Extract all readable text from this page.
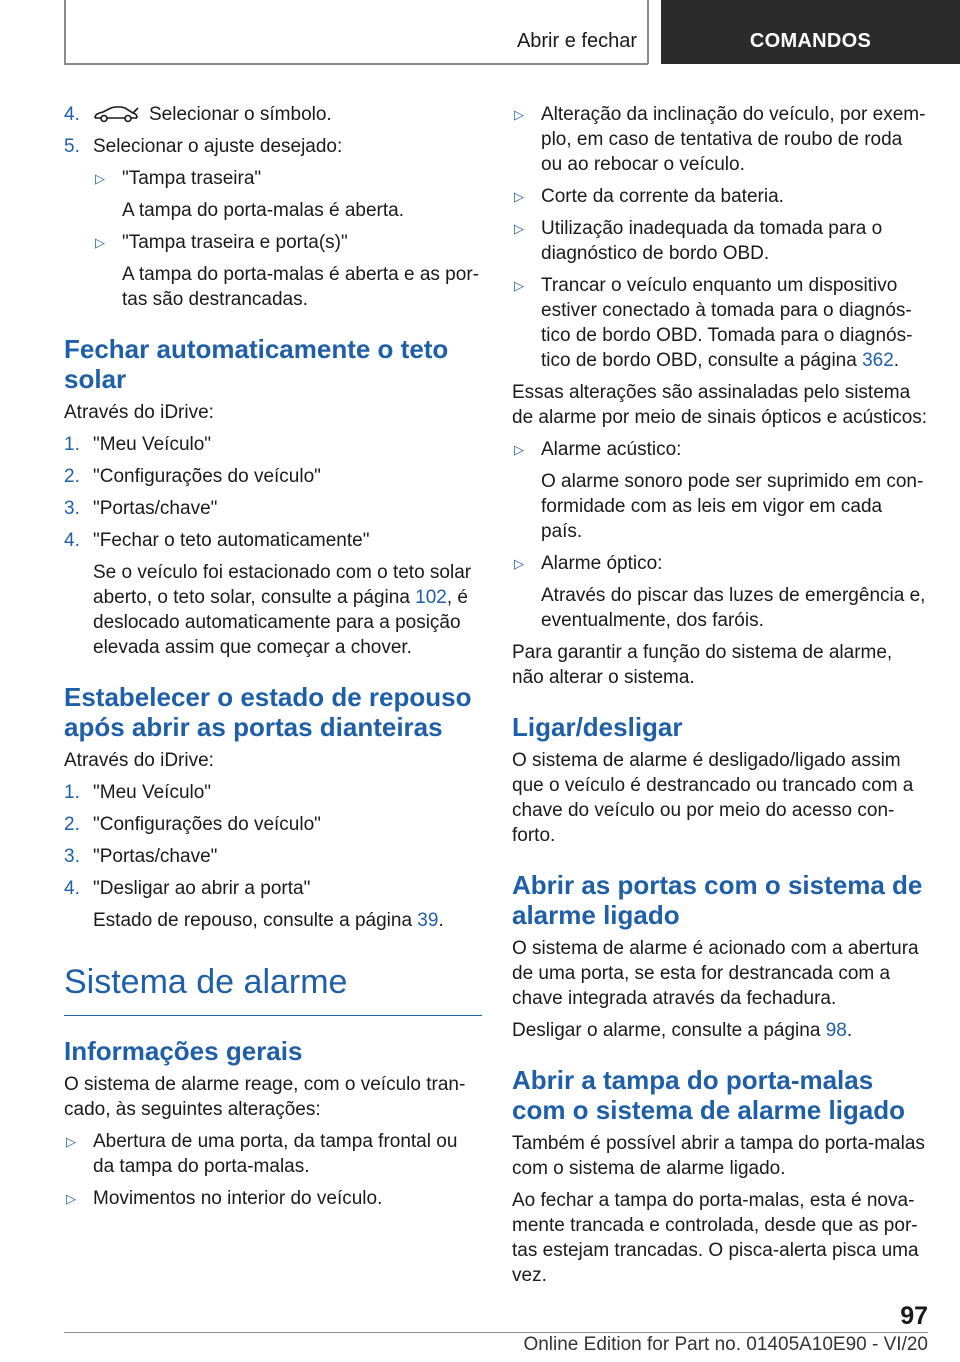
Abrir e fechar	COMANDOS
4.	Selecionar o símbolo.
5. Selecionar o ajuste desejado:
▷ "Tampa traseira"
A tampa do porta-malas é aberta.
▷ "Tampa traseira e porta(s)"
A tampa do porta-malas é aberta e as portas são destrancadas.
Fechar automaticamente o teto solar
Através do iDrive:
1. "Meu Veículo"
2. "Configurações do veículo"
3. "Portas/chave"
4. "Fechar o teto automaticamente"
Se o veículo foi estacionado com o teto solar aberto, o teto solar, consulte a página 102, é deslocado automaticamente para a posição elevada assim que começar a chover.
Estabelecer o estado de repouso após abrir as portas dianteiras
Através do iDrive:
1. "Meu Veículo"
2. "Configurações do veículo"
3. "Portas/chave"
4. "Desligar ao abrir a porta"
Estado de repouso, consulte a página 39.
Sistema de alarme
Informações gerais
O sistema de alarme reage, com o veículo trancado, às seguintes alterações:
▷ Abertura de uma porta, da tampa frontal ou da tampa do porta-malas.
▷ Movimentos no interior do veículo.
▷ Alteração da inclinação do veículo, por exemplo, em caso de tentativa de roubo de roda ou ao rebocar o veículo.
▷ Corte da corrente da bateria.
▷ Utilização inadequada da tomada para o diagnóstico de bordo OBD.
▷ Trancar o veículo enquanto um dispositivo estiver conectado à tomada para o diagnóstico de bordo OBD. Tomada para o diagnóstico de bordo OBD, consulte a página 362.
Essas alterações são assinaladas pelo sistema de alarme por meio de sinais ópticos e acústicos:
▷ Alarme acústico:
O alarme sonoro pode ser suprimido em conformidade com as leis em vigor em cada país.
▷ Alarme óptico:
Através do piscar das luzes de emergência e, eventualmente, dos faróis.
Para garantir a função do sistema de alarme, não alterar o sistema.
Ligar/desligar
O sistema de alarme é desligado/ligado assim que o veículo é destrancado ou trancado com a chave do veículo ou por meio do acesso conforto.
Abrir as portas com o sistema de alarme ligado
O sistema de alarme é acionado com a abertura de uma porta, se esta for destrancada com a chave integrada através da fechadura.
Desligar o alarme, consulte a página 98.
Abrir a tampa do porta-malas com o sistema de alarme ligado
Também é possível abrir a tampa do porta-malas com o sistema de alarme ligado.
Ao fechar a tampa do porta-malas, esta é novamente trancada e controlada, desde que as portas estejam trancadas. O pisca-alerta pisca uma vez.
97
Online Edition for Part no. 01405A10E90 - VI/20
